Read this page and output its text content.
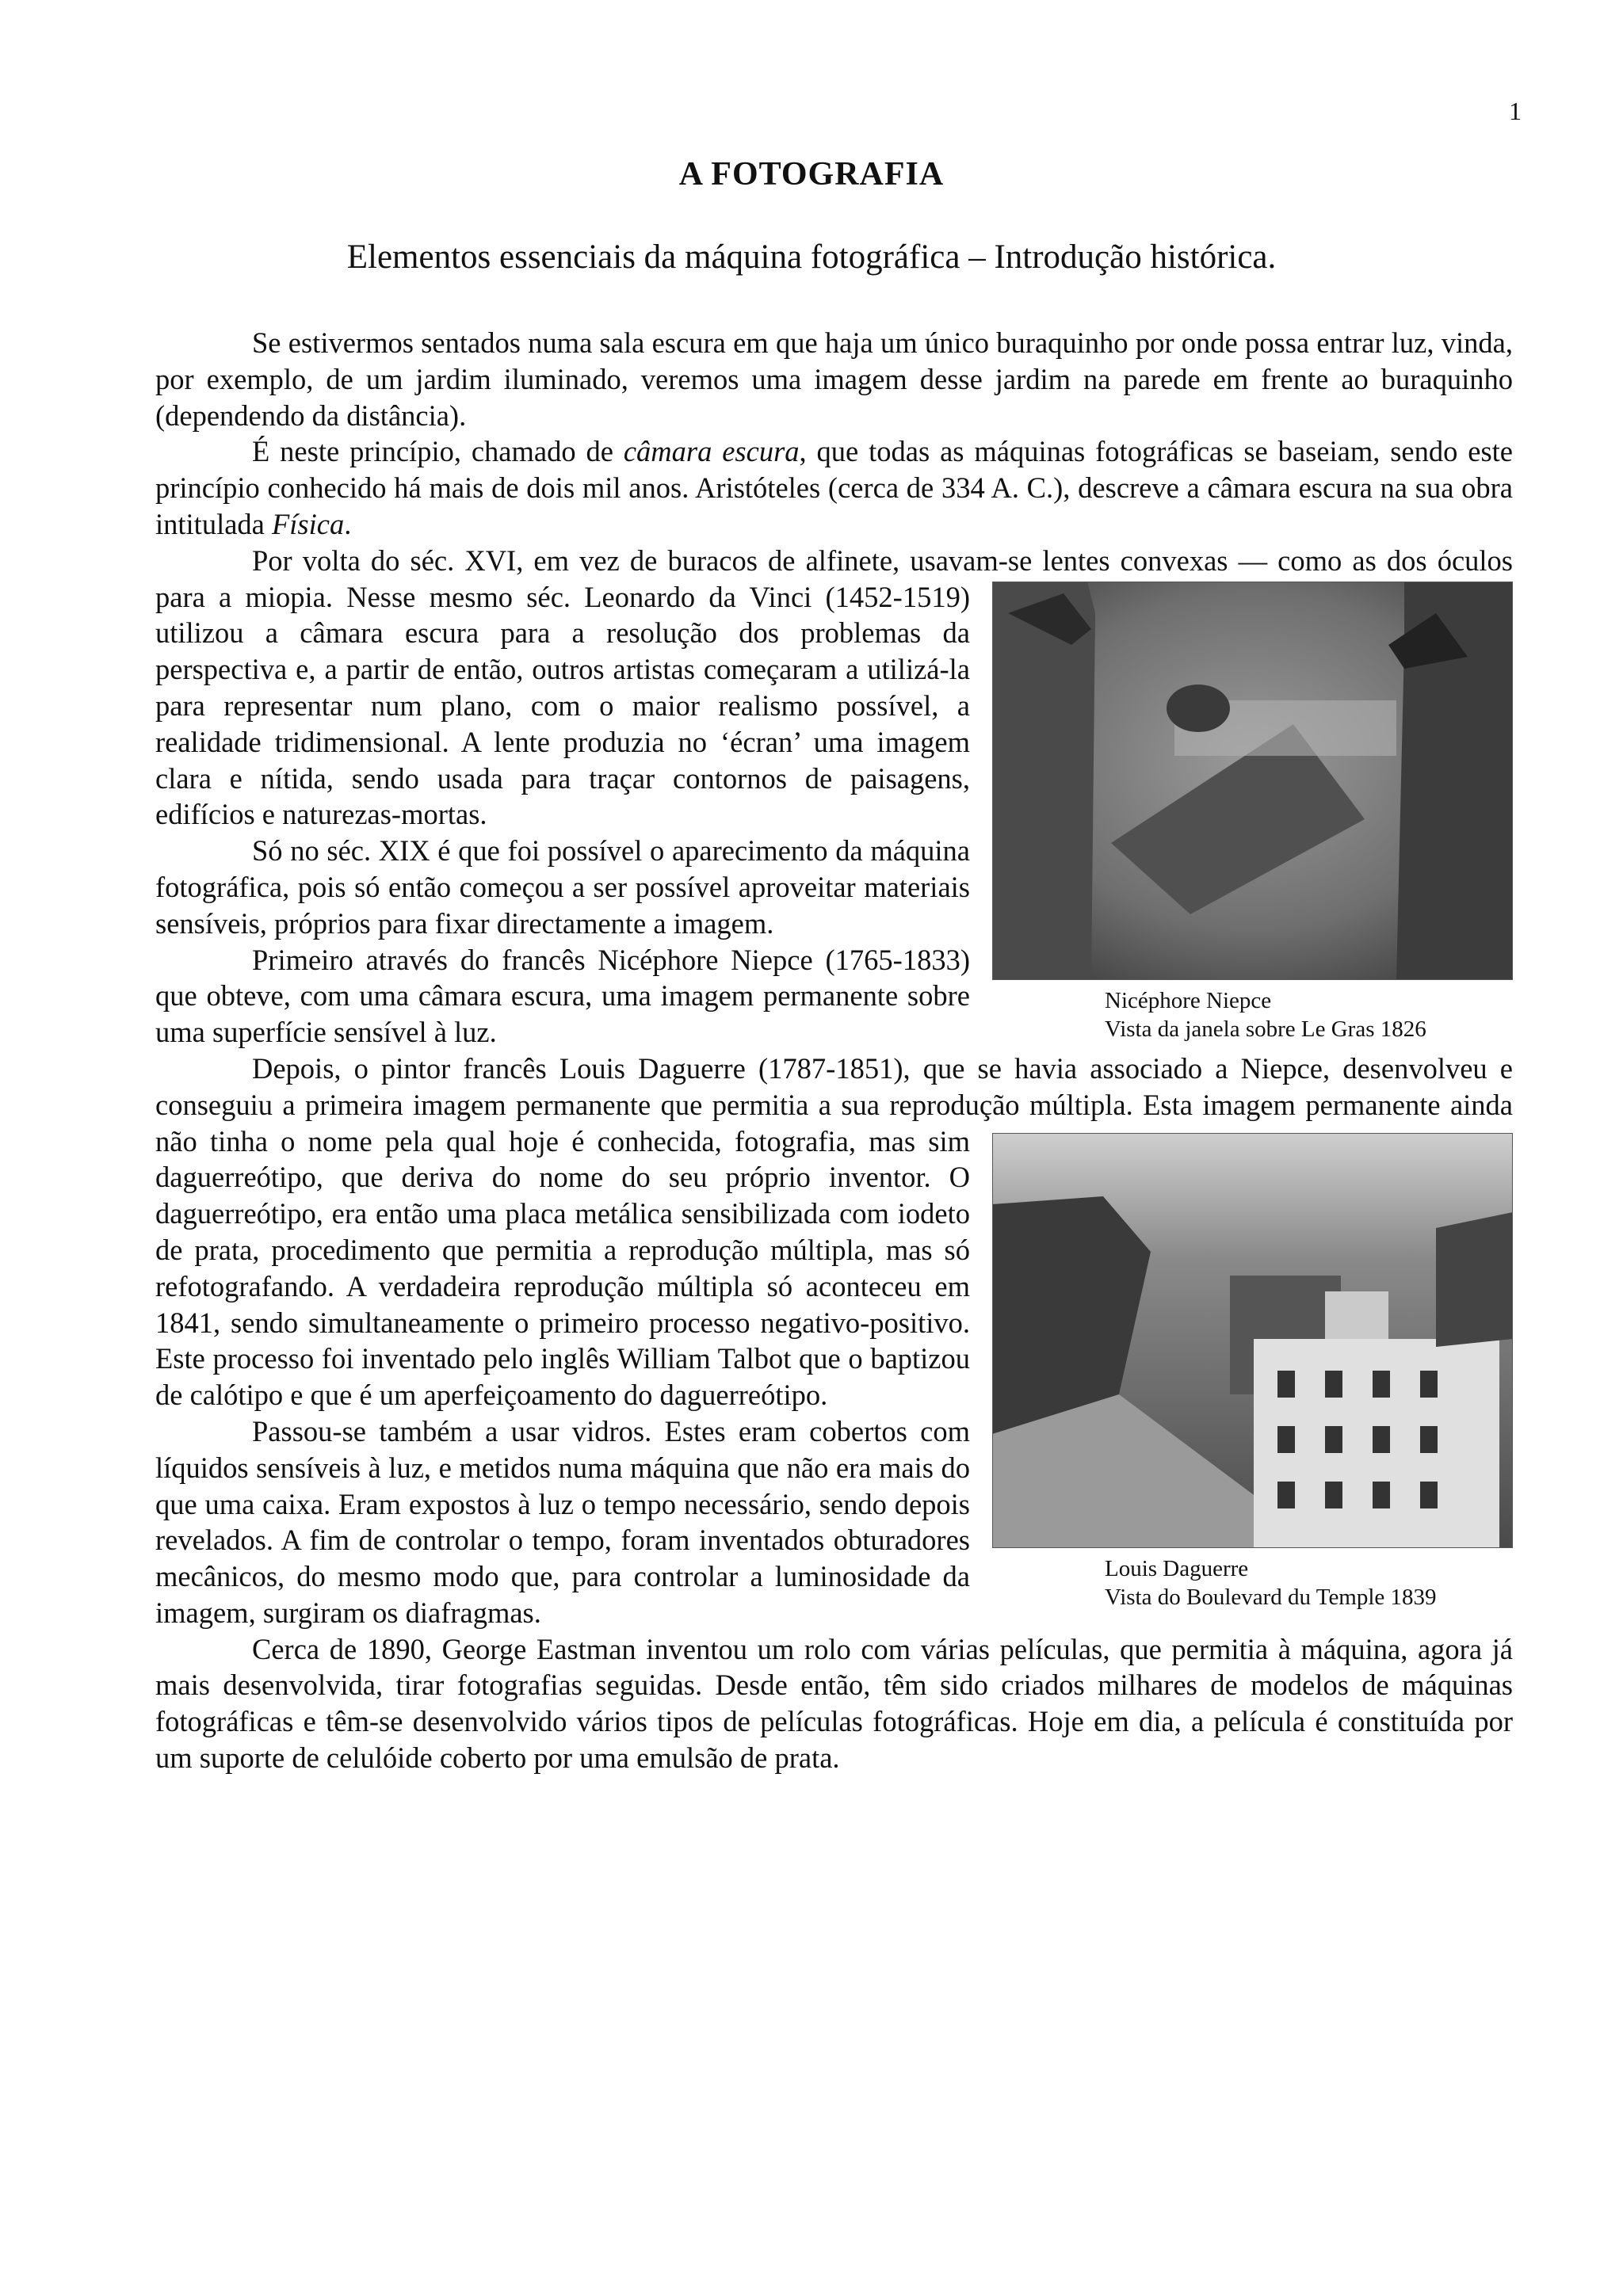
1
A FOTOGRAFIA
Elementos essenciais da máquina fotográfica – Introdução histórica.

Se estivermos sentados numa sala escura em que haja um único buraquinho por onde possa entrar luz, vinda, por exemplo, de um jardim iluminado, veremos uma imagem desse jardim na parede em frente ao buraquinho (dependendo da distância).

É neste princípio, chamado de câmara escura, que todas as máquinas fotográficas se baseiam, sendo este princípio conhecido há mais de dois mil anos. Aristóteles (cerca de 334 A. C.), descreve a câmara escura na sua obra intitulada Física.

Por volta do séc. XVI, em vez de buracos de alfinete, usavam-se lentes convexas — como as dos óculos para a miopia. Nesse mesmo séc. Leonardo da Vinci
Nicéphore Niepce
Vista da janela sobre Le Gras 1826
(1452-1519) utilizou a câmara escura para a resolução dos problemas da perspectiva e, a partir de então, outros artistas começaram a utilizá-la para representar num plano, com o maior realismo possível, a realidade tridimensional. A lente produzia no ‘écran’ uma imagem clara e nítida, sendo usada para traçar contornos de paisagens, edifícios e naturezas-mortas.

Só no séc. XIX é que foi possível o aparecimento da máquina fotográfica, pois só então começou a ser possível aproveitar materiais sensíveis, próprios para fixar directamente a imagem.

Primeiro através do francês Nicéphore Niepce (1765-1833) que obteve, com uma câmara escura, uma imagem permanente sobre uma superfície sensível à luz.

Depois, o pintor francês Louis Daguerre (1787-1851), que se havia associado a Niepce, desenvolveu e conseguiu a primeira imagem permanente que permitia a sua reprodução múltipla. Esta imagem permanente ainda não
Louis Daguerre
Vista do Boulevard du Temple 1839
tinha o nome pela qual hoje é conhecida, fotografia, mas sim daguerreótipo, que deriva do nome do seu próprio inventor. O daguerreótipo, era então uma placa metálica sensibilizada com iodeto de prata, procedimento que permitia a reprodução múltipla, mas só refotografando. A verdadeira reprodução múltipla só aconteceu em 1841, sendo simultaneamente o primeiro processo negativo-positivo. Este processo foi inventado pelo inglês William Talbot que o baptizou de calótipo e que é um aperfeiçoamento do daguerreótipo.

Passou-se também a usar vidros. Estes eram cobertos com líquidos sensíveis à luz, e metidos numa máquina que não era mais do que uma caixa. Eram expostos à luz o tempo necessário, sendo depois revelados. A fim de controlar o tempo, foram inventados obturadores mecânicos, do mesmo modo que, para controlar a luminosidade da imagem, surgiram os diafragmas.

Cerca de 1890, George Eastman inventou um rolo com várias películas, que permitia à máquina, agora já mais desenvolvida, tirar fotografias seguidas. Desde então, têm sido criados milhares de modelos de máquinas fotográficas e têm-se desenvolvido vários tipos de películas fotográficas. Hoje em dia, a película é constituída por um suporte de celulóide coberto por uma emulsão de prata.
